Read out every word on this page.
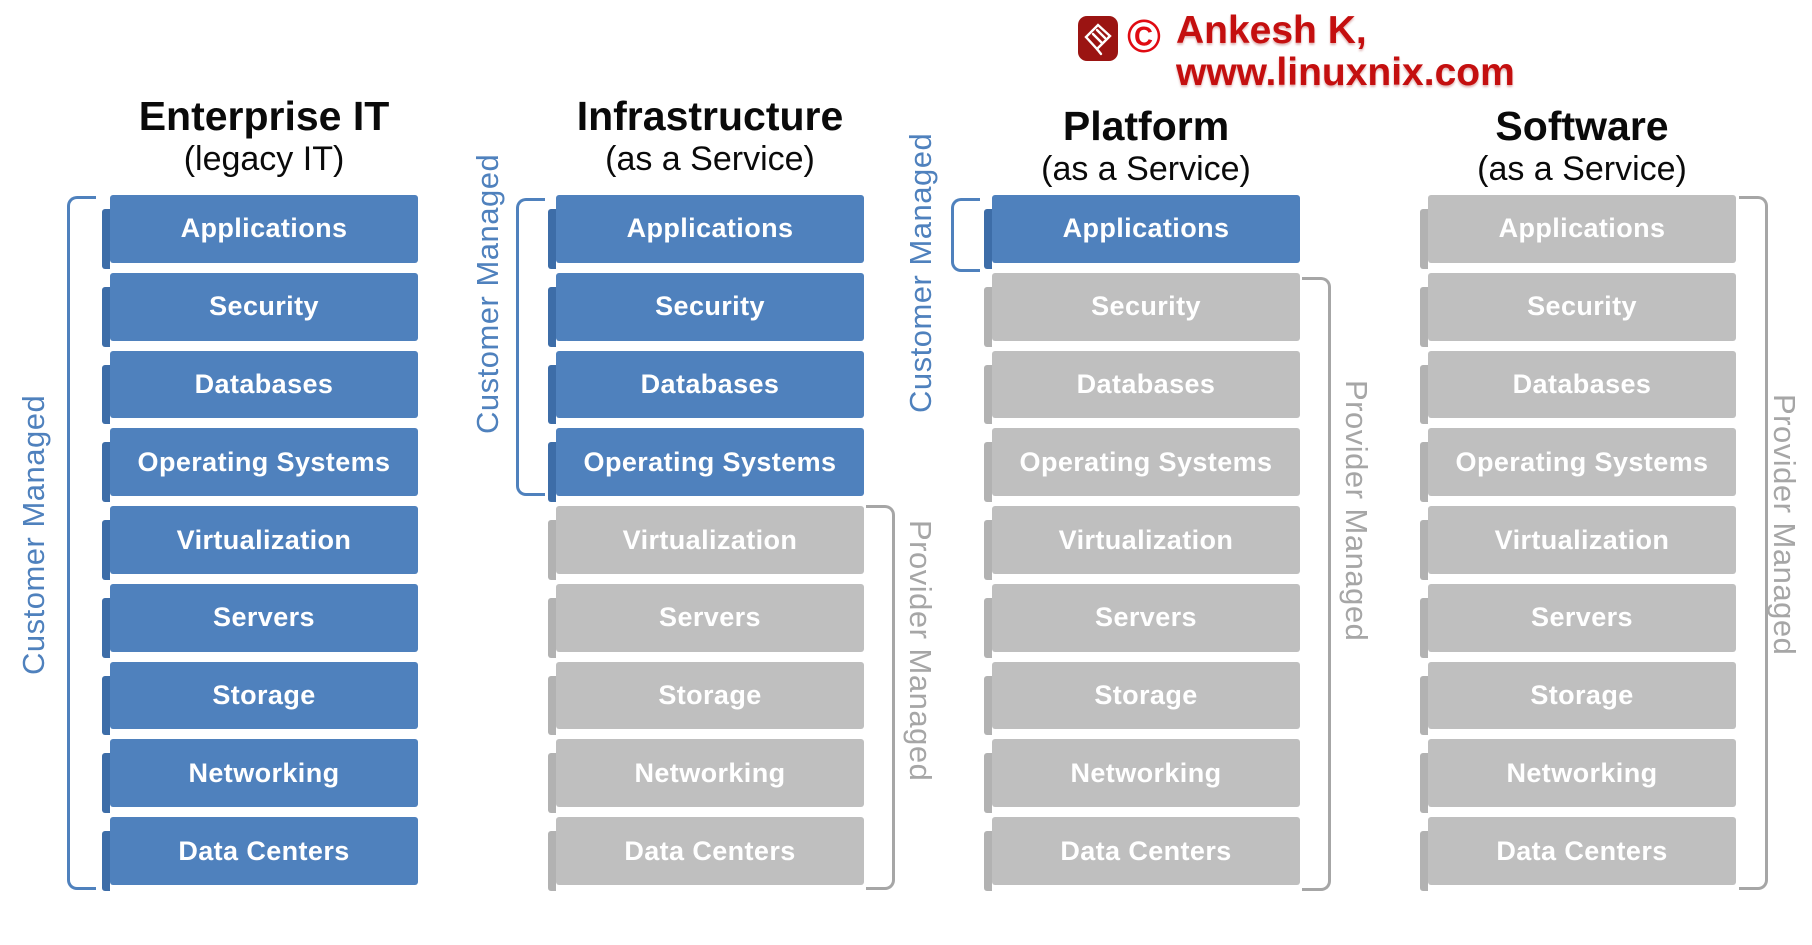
© Ankesh K,
www.linuxnix.com
Enterprise IT
(legacy IT)
Infrastructure
(as a Service)
Platform
(as a Service)
Software
(as a Service)
Applications
Security
Databases
Operating Systems
Virtualization
Servers
Storage
Networking
Data Centers
Applications
Security
Databases
Operating Systems
Virtualization
Servers
Storage
Networking
Data Centers
Applications
Security
Databases
Operating Systems
Virtualization
Servers
Storage
Networking
Data Centers
Applications
Security
Databases
Operating Systems
Virtualization
Servers
Storage
Networking
Data Centers
Customer Managed
Customer Managed	Customer Managed
Provider Managed
Provider Managed	Provider Managed
